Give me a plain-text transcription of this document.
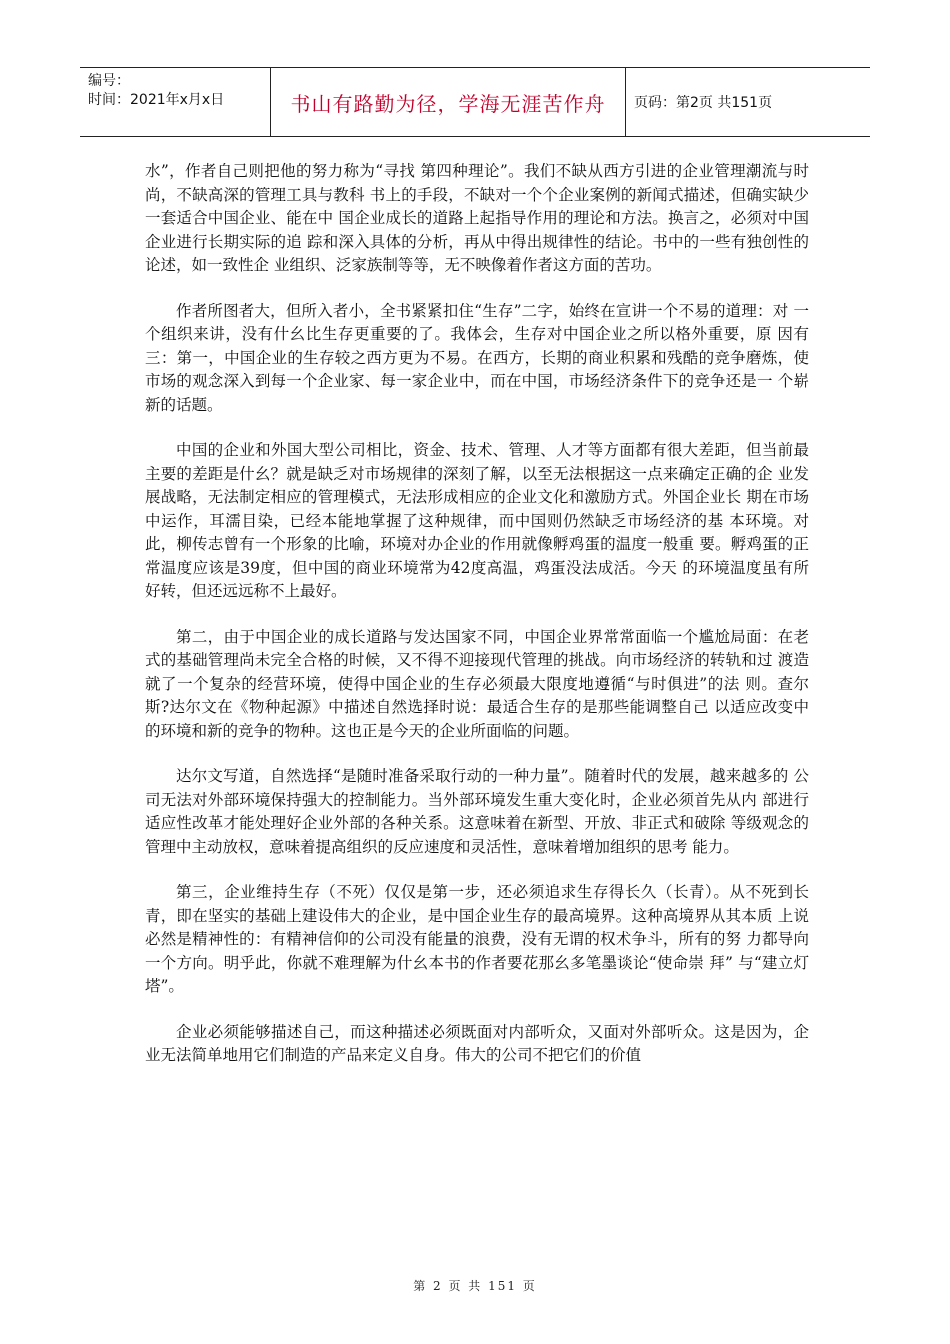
编号：
时间：2021年x月x日	书山有路勤为径，学海无涯苦作舟	页码：第2页 共151页

水”，作者自己则把他的努力称为“寻找 第四种理论”。我们不缺从西方引进的企业管理潮流与时尚，不缺高深的管理工具与教科 书上的手段，不缺对一个个企业案例的新闻式描述，但确实缺少一套适合中国企业、能在中 国企业成长的道路上起指导作用的理论和方法。换言之，必须对中国企业进行长期实际的追 踪和深入具体的分析，再从中得出规律性的结论。书中的一些有独创性的论述，如一致性企 业组织、泛家族制等等，无不映像着作者这方面的苦功。

作者所图者大，但所入者小，全书紧紧扣住“生存”二字，始终在宣讲一个不易的道理：对 一个组织来讲，没有什幺比生存更重要的了。我体会，生存对中国企业之所以格外重要，原 因有三：第一，中国企业的生存较之西方更为不易。在西方，长期的商业积累和残酷的竞争磨炼，使 市场的观念深入到每一个企业家、每一家企业中，而在中国，市场经济条件下的竞争还是一 个崭 新的话题。

中国的企业和外国大型公司相比，资金、技术、管理、人才等方面都有很大差距，但当前最 主要的差距是什幺？就是缺乏对市场规律的深刻了解，以至无法根据这一点来确定正确的企 业发展战略，无法制定相应的管理模式，无法形成相应的企业文化和激励方式。外国企业长 期在市场中运作，耳濡目染，已经本能地掌握了这种规律，而中国则仍然缺乏市场经济的基 本环境。对此，柳传志曾有一个形象的比喻，环境对办企业的作用就像孵鸡蛋的温度一般重 要。孵鸡蛋的正常温度应该是39度，但中国的商业环境常为42度高温，鸡蛋没法成活。今天 的环境温度虽有所好转，但还远远称不上最好。

第二，由于中国企业的成长道路与发达国家不同，中国企业界常常面临一个尴尬局面：在老 式的基础管理尚未完全合格的时候，又不得不迎接现代管理的挑战。向市场经济的转轨和过 渡造就了一个复杂的经营环境，使得中国企业的生存必须最大限度地遵循“与时俱进”的法 则。查尔斯?达尔文在《物种起源》中描述自然选择时说：最适合生存的是那些能调整自己 以适应改变中的环境和新的竞争的物种。这也正是今天的企业所面临的问题。

达尔文写道，自然选择“是随时准备采取行动的一种力量”。随着时代的发展，越来越多的 公司无法对外部环境保持强大的控制能力。当外部环境发生重大变化时，企业必须首先从内 部进行适应性改革才能处理好企业外部的各种关系。这意味着在新型、开放、非正式和破除 等级观念的管理中主动放权，意味着提高组织的反应速度和灵活性，意味着增加组织的思考 能力。

第三，企业维持生存（不死）仅仅是第一步，还必须追求生存得长久（长青）。从不死到长 青，即在坚实的基础上建设伟大的企业，是中国企业生存的最高境界。这种高境界从其本质 上说必然是精神性的：有精神信仰的公司没有能量的浪费，没有无谓的权术争斗，所有的努 力都导向一个方向。明乎此，你就不难理解为什幺本书的作者要花那幺多笔墨谈论“使命崇 拜” 与“建立灯塔”。

企业必须能够描述自己，而这种描述必须既面对内部听众，又面对外部听众。这是因为，企 业无法简单地用它们制造的产品来定义自身。伟大的公司不把它们的价值

第 2 页 共 151 页
